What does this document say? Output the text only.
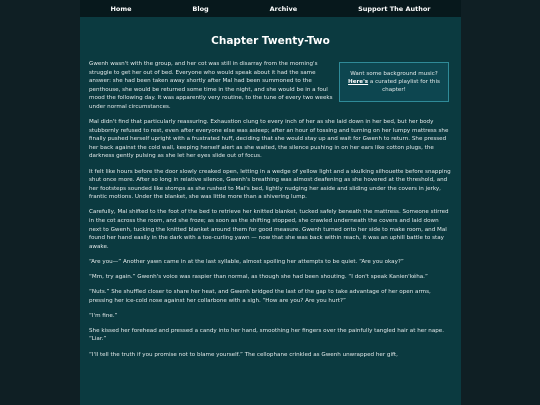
Home	Blog	Archive	Support The Author
Chapter Twenty-Two
Want some background music?
Here's a curated playlist for this chapter!

Gwenh wasn't with the group, and her cot was still in disarray from the morning's struggle to get her out of bed. Everyone who would speak about it had the same answer: she had been taken away shortly after Mal had been summoned to the penthouse, she would be returned some time in the night, and she would be in a foul mood the following day. It was apparently very routine, to the tune of every two weeks under normal circumstances.

Mal didn't find that particularly reassuring. Exhaustion clung to every inch of her as she laid down in her bed, but her body stubbornly refused to rest, even after everyone else was asleep; after an hour of tossing and turning on her lumpy mattress she finally pushed herself upright with a frustrated huff, deciding that she would stay up and wait for Gwenh to return. She pressed her back against the cold wall, keeping herself alert as she waited, the silence pushing in on her ears like cotton plugs, the darkness gently pulsing as she let her eyes slide out of focus.

It felt like hours before the door slowly creaked open, letting in a wedge of yellow light and a skulking silhouette before snapping shut once more. After so long in relative silence, Gwenh's breathing was almost deafening as she hovered at the threshold, and her footsteps sounded like stomps as she rushed to Mal's bed, lightly nudging her aside and sliding under the covers in jerky, frantic motions. Under the blanket, she was little more than a shivering lump.

Carefully, Mal shifted to the foot of the bed to retrieve her knitted blanket, tucked safely beneath the mattress. Someone stirred in the cot across the room, and she froze; as soon as the shifting stopped, she crawled underneath the covers and laid down next to Gwenh, tucking the knitted blanket around them for good measure. Gwenh turned onto her side to make room, and Mal found her hand easily in the dark with a toe-curling yawn — now that she was back within reach, it was an uphill battle to stay awake.

“Are you—” Another yawn came in at the last syllable, almost spoiling her attempts to be quiet. “Are you okay?”

“Mm, try again.” Gwenh's voice was raspier than normal, as though she had been shouting. “I don't speak Kanien'kéha.”

“Nuts.” She shuffled closer to share her heat, and Gwenh bridged the last of the gap to take advantage of her open arms, pressing her ice-cold nose against her collarbone with a sigh. “How are you? Are you hurt?”

“I'm fine.”

She kissed her forehead and pressed a candy into her hand, smoothing her fingers over the painfully tangled hair at her nape. “Liar.”

“I'll tell the truth if you promise not to blame yourself.” The cellophane crinkled as Gwenh unwrapped her gift,
